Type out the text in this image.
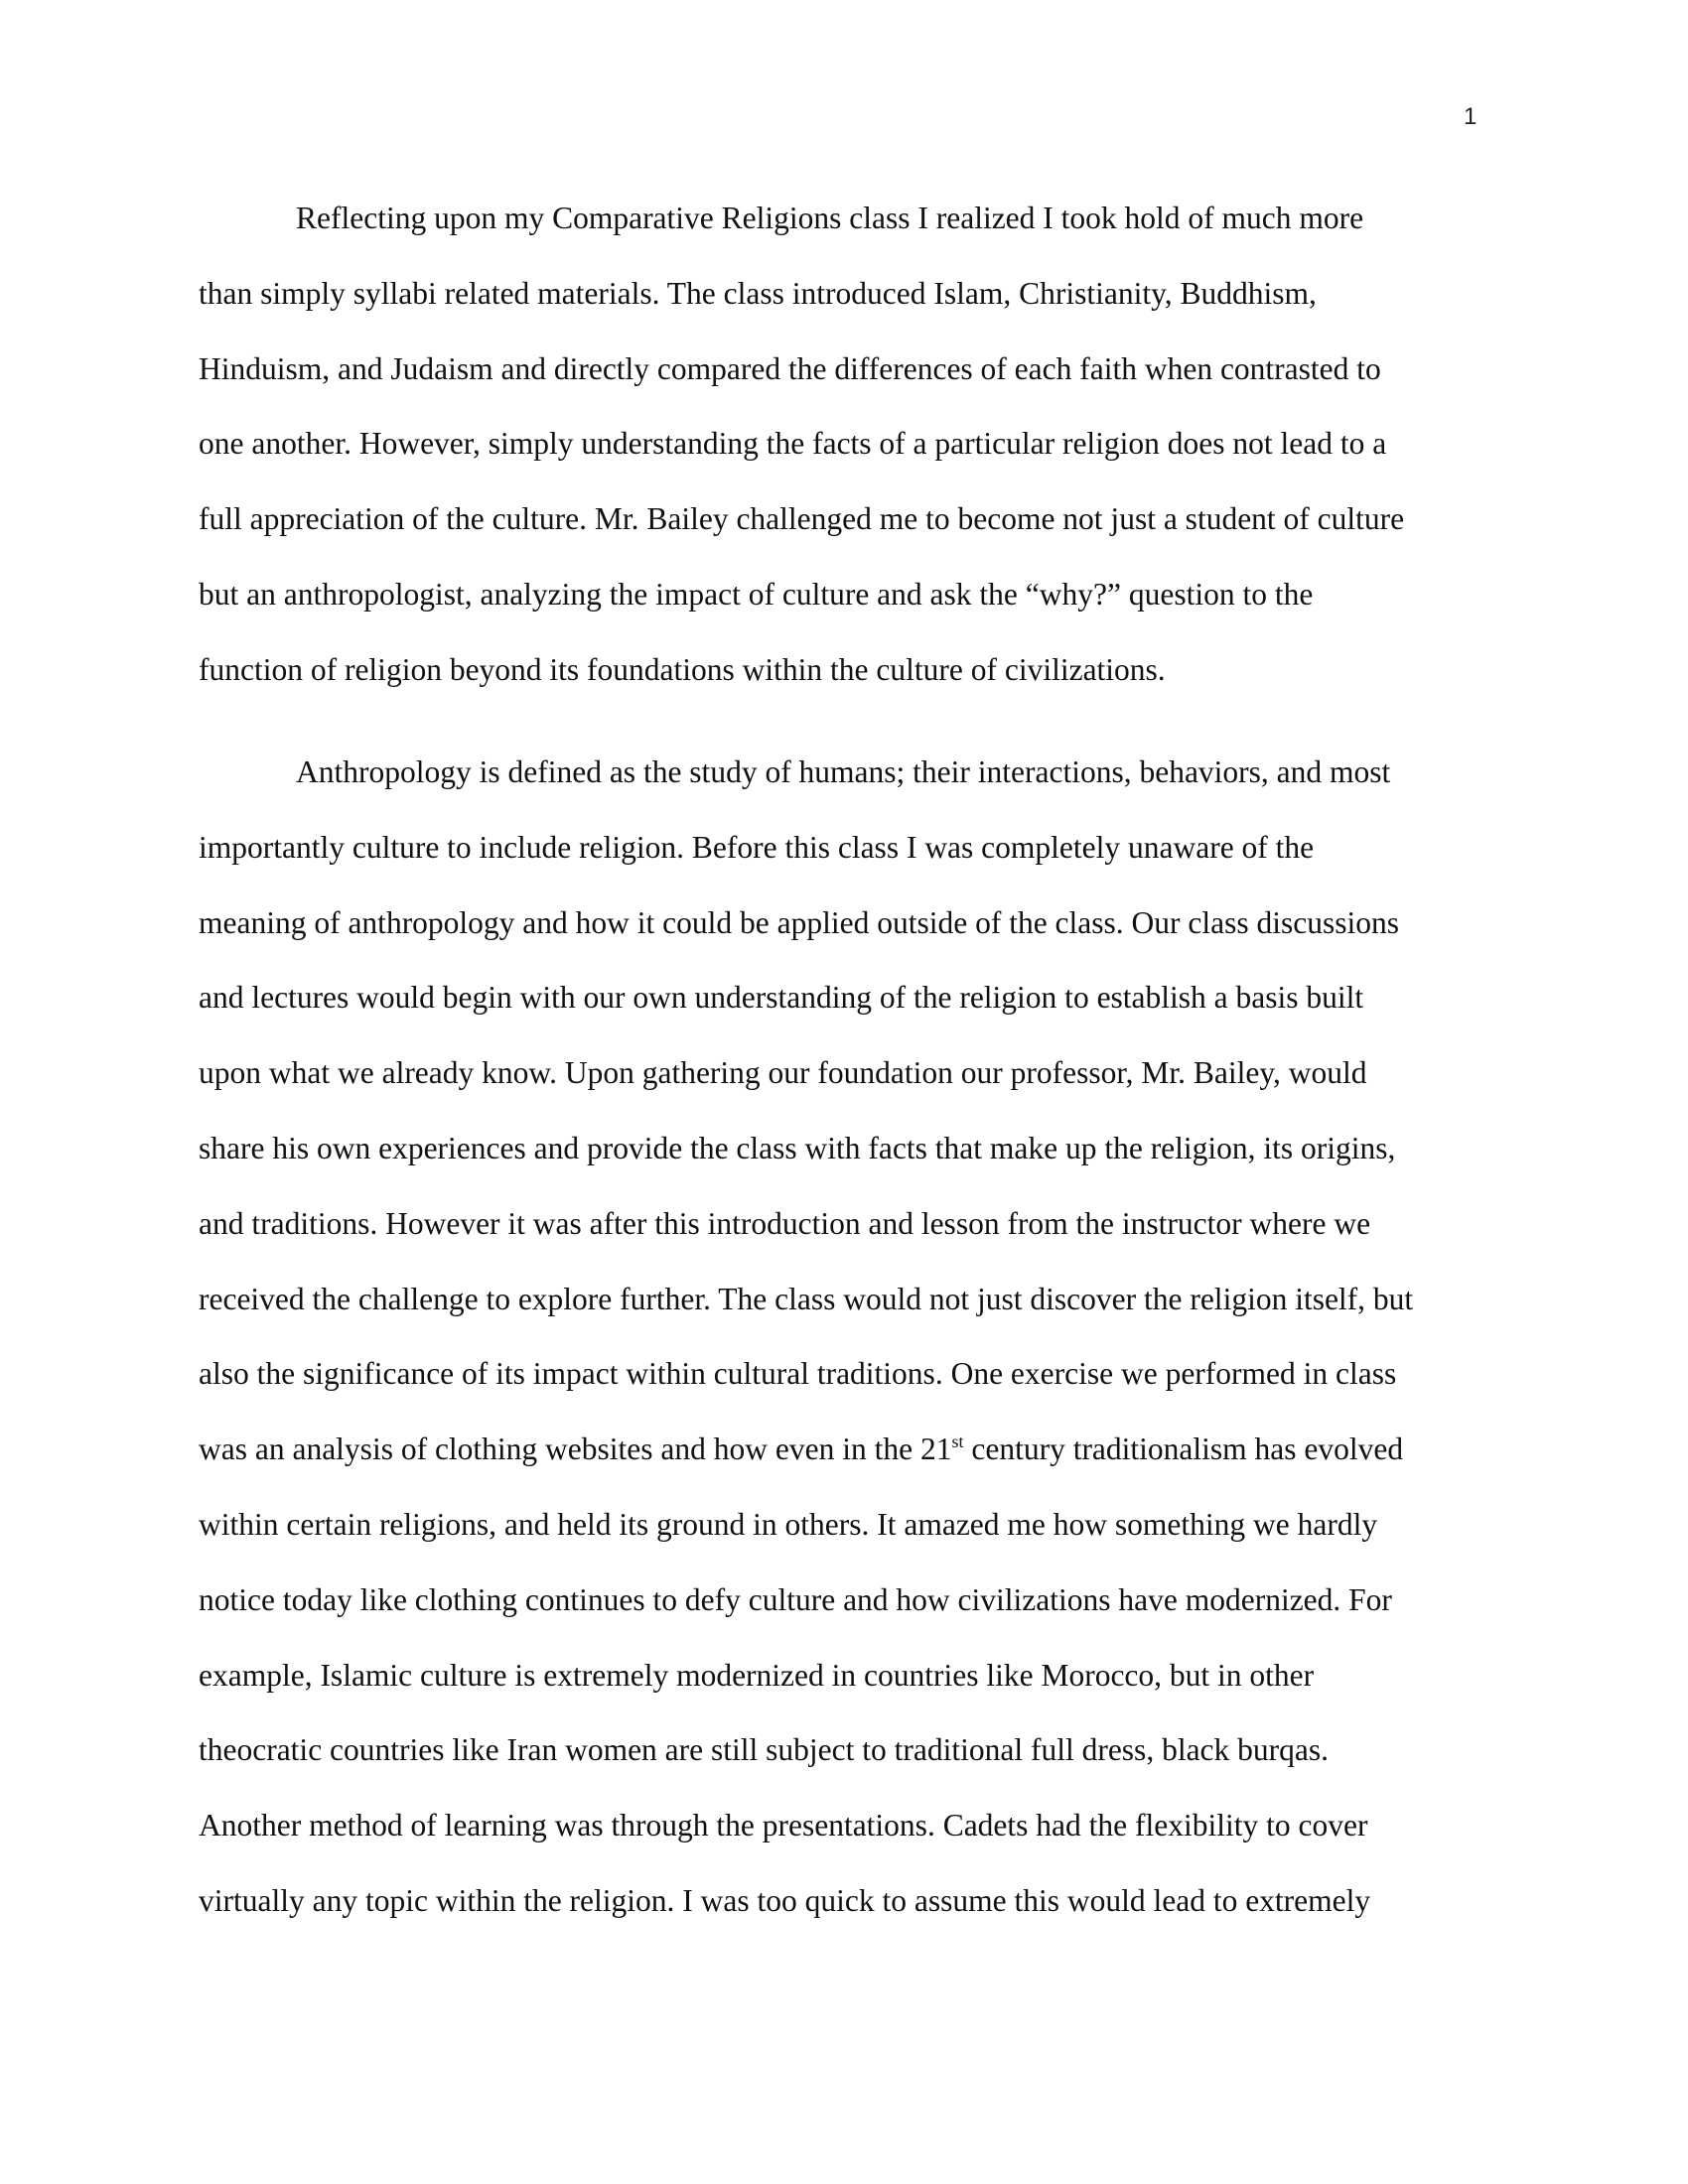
1
Reflecting upon my Comparative Religions class I realized I took hold of much more
than simply syllabi related materials. The class introduced Islam, Christianity, Buddhism,
Hinduism, and Judaism and directly compared the differences of each faith when contrasted to
one another. However, simply understanding the facts of a particular religion does not lead to a
full appreciation of the culture. Mr. Bailey challenged me to become not just a student of culture
but an anthropologist, analyzing the impact of culture and ask the “why?” question to the
function of religion beyond its foundations within the culture of civilizations.
Anthropology is defined as the study of humans; their interactions, behaviors, and most
importantly culture to include religion. Before this class I was completely unaware of the
meaning of anthropology and how it could be applied outside of the class. Our class discussions
and lectures would begin with our own understanding of the religion to establish a basis built
upon what we already know. Upon gathering our foundation our professor, Mr. Bailey, would
share his own experiences and provide the class with facts that make up the religion, its origins,
and traditions. However it was after this introduction and lesson from the instructor where we
received the challenge to explore further. The class would not just discover the religion itself, but
also the significance of its impact within cultural traditions. One exercise we performed in class
was an analysis of clothing websites and how even in the 21st century traditionalism has evolved
within certain religions, and held its ground in others. It amazed me how something we hardly
notice today like clothing continues to defy culture and how civilizations have modernized. For
example, Islamic culture is extremely modernized in countries like Morocco, but in other
theocratic countries like Iran women are still subject to traditional full dress, black burqas.
Another method of learning was through the presentations. Cadets had the flexibility to cover
virtually any topic within the religion. I was too quick to assume this would lead to extremely
